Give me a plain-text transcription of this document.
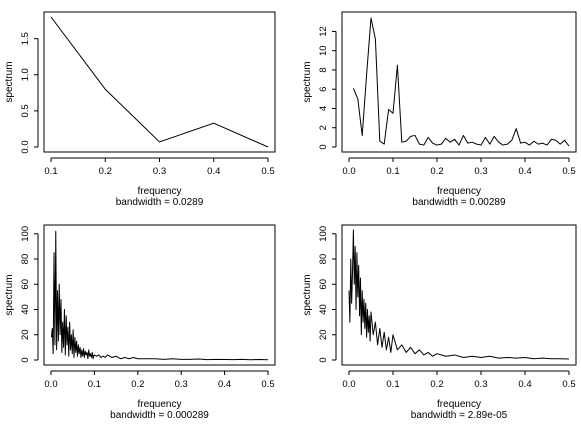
0.1	0.2	0.3	0.4	0.5
0.0
0.5
1.0
1.5
frequency
bandwidth = 0.0289
spectrum
0.0	0.1	0.2	0.3	0.4	0.5
0
2
4
6
8
10
12
frequency
bandwidth = 0.00289
spectrum
0.0	0.1	0.2	0.3	0.4	0.5
0
20
40
60
80
100
frequency
bandwidth = 0.000289
spectrum
0.0	0.1	0.2	0.3	0.4	0.5
0
20
40
60
80
100
frequency
bandwidth = 2.89e-05
spectrum
